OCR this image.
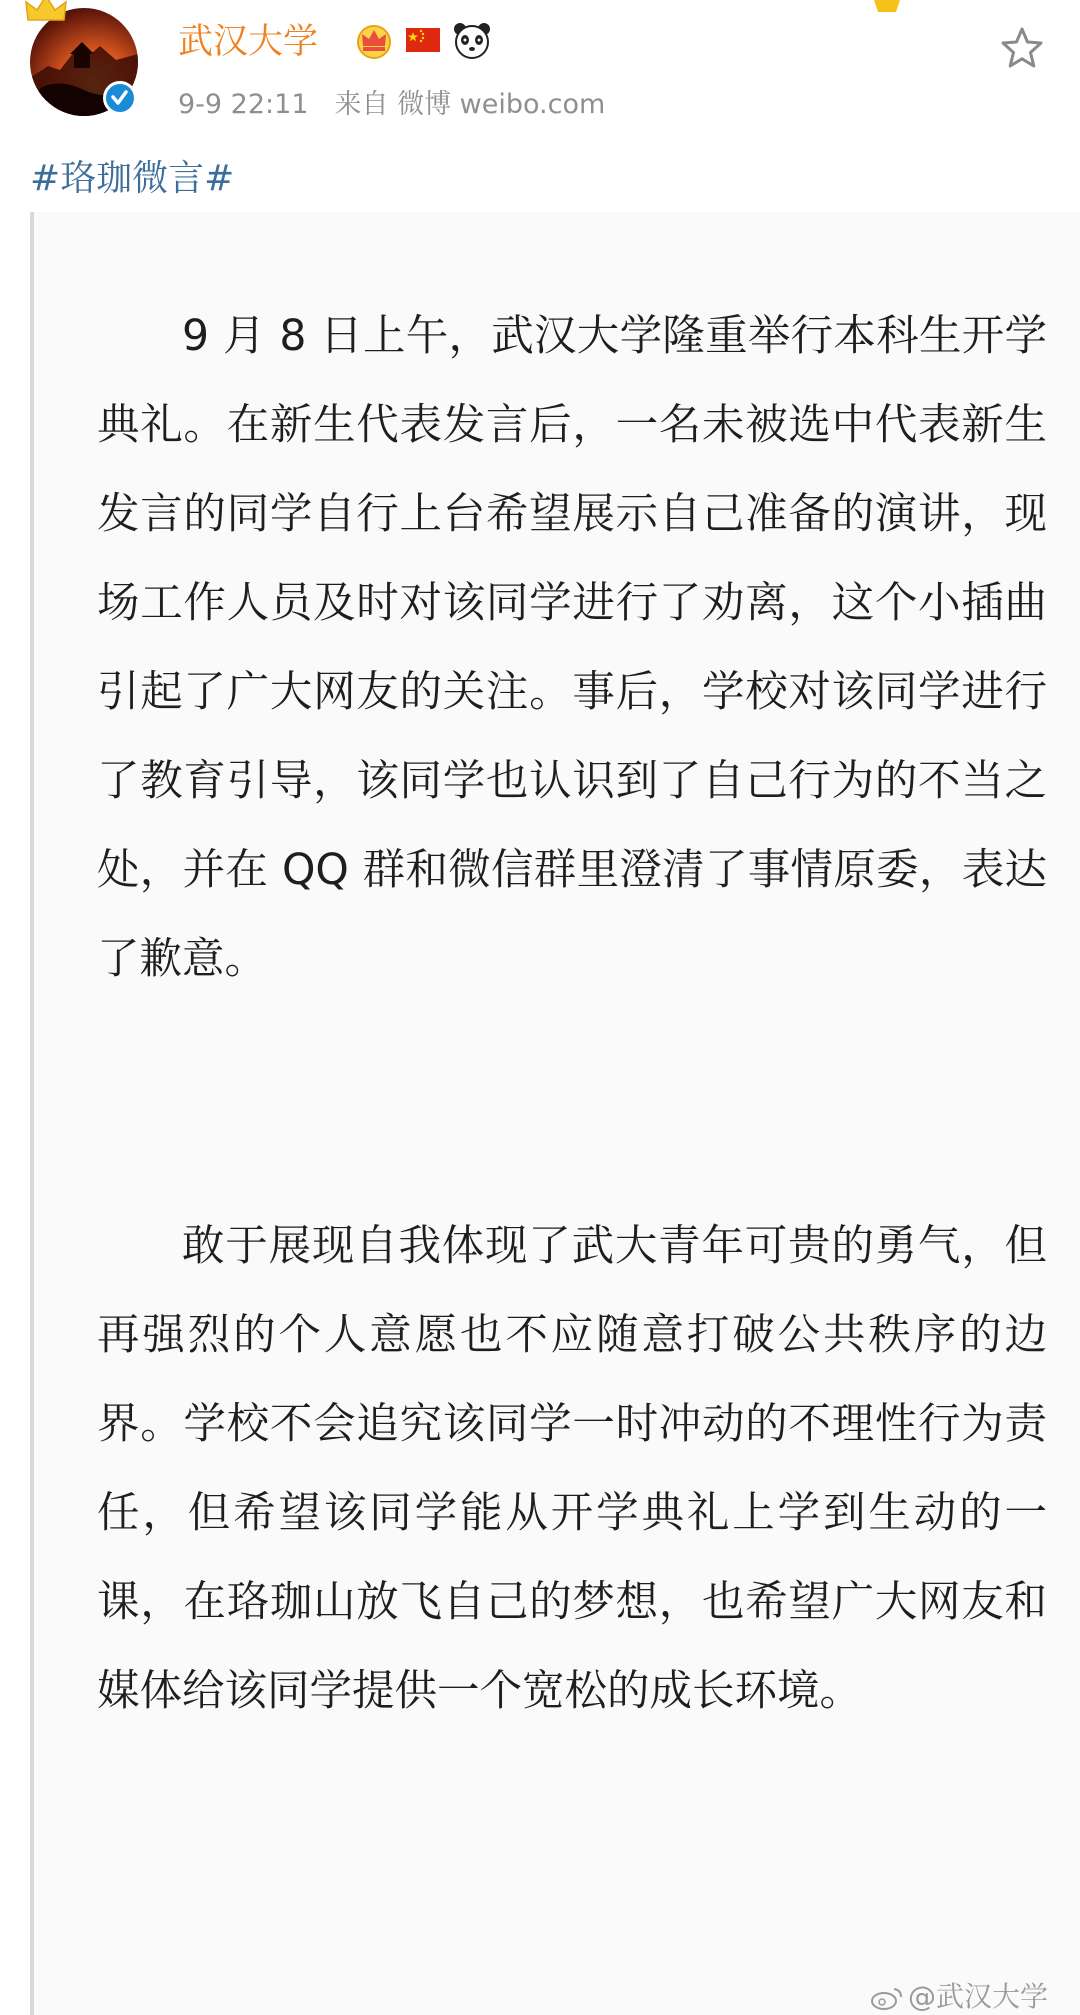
武汉大学
9-9 22:11 来自 微博 weibo.com
#珞珈微言#

9 月 8 日上午，武汉大学隆重举行本科生开学典礼。在新生代表发言后，一名未被选中代表新生发言的同学自行上台希望展示自己准备的演讲，现场工作人员及时对该同学进行了劝离，这个小插曲引起了广大网友的关注。事后，学校对该同学进行了教育引导，该同学也认识到了自己行为的不当之处，并在 QQ 群和微信群里澄清了事情原委，表达了歉意。

敢于展现自我体现了武大青年可贵的勇气，但再强烈的个人意愿也不应随意打破公共秩序的边界。学校不会追究该同学一时冲动的不理性行为责任，但希望该同学能从开学典礼上学到生动的一课，在珞珈山放飞自己的梦想，也希望广大网友和媒体给该同学提供一个宽松的成长环境。

@武汉大学
